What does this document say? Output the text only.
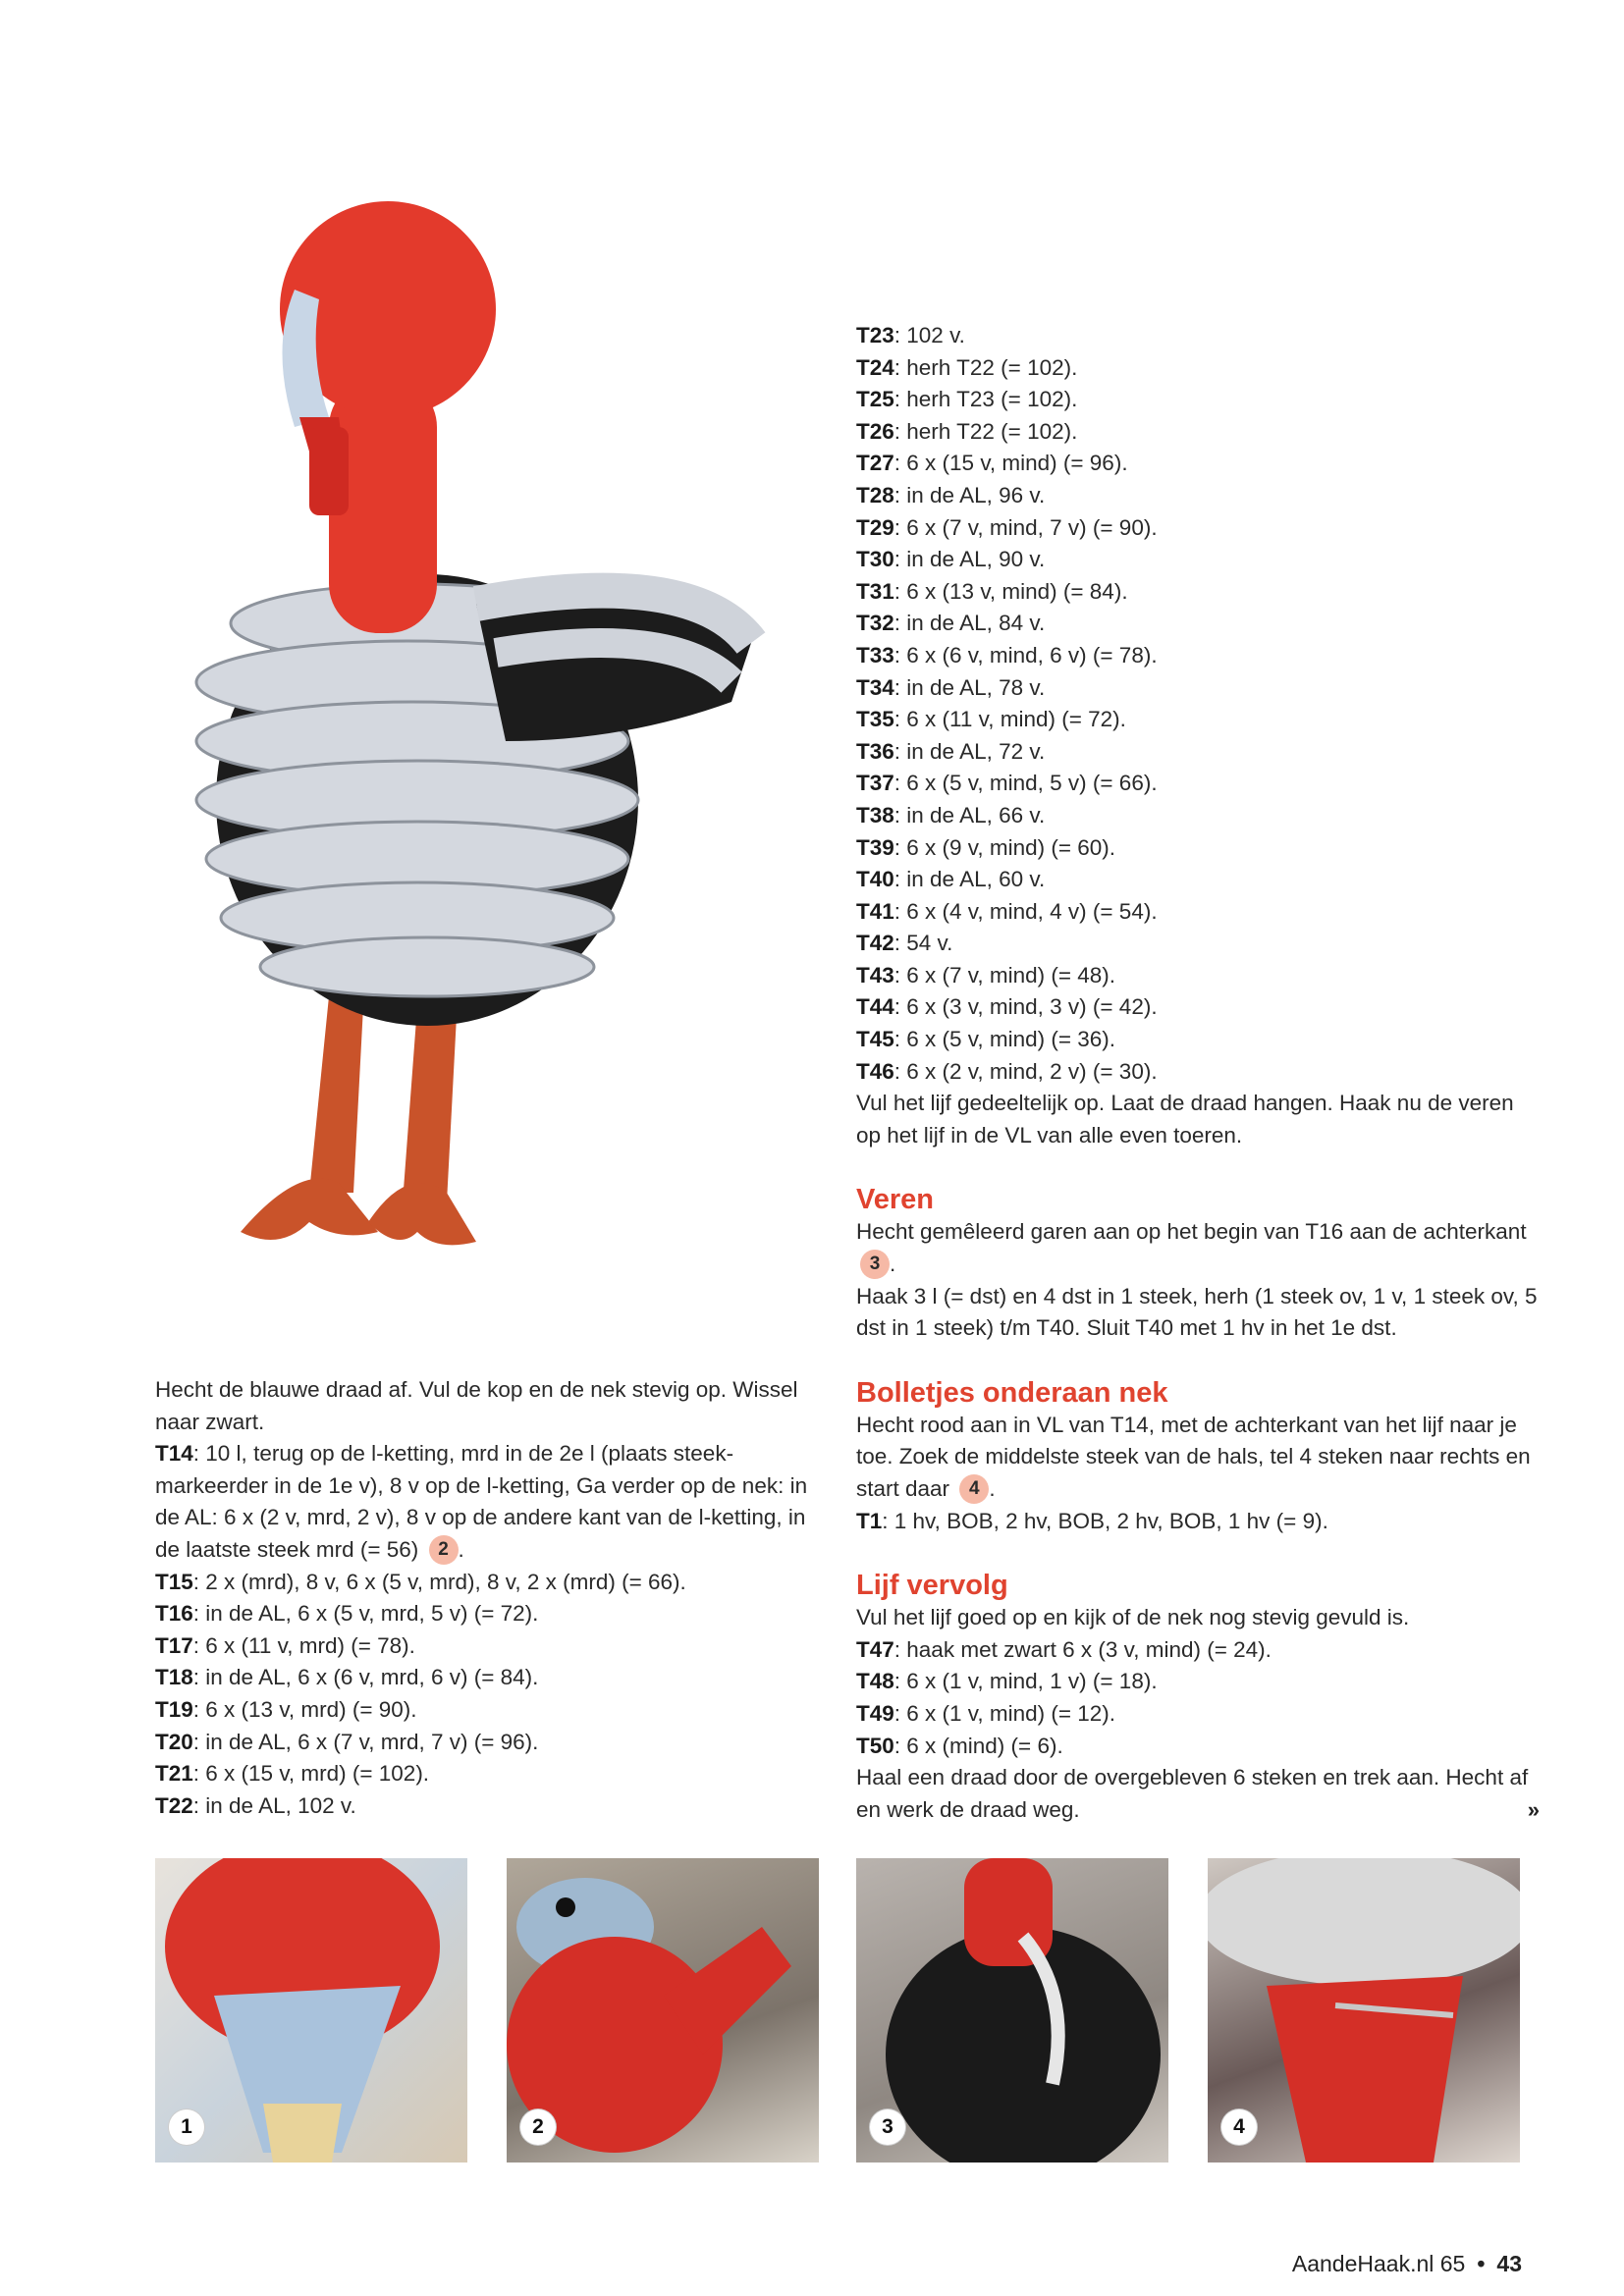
T23: 102 v.

T24: herh T22 (= 102).

T25: herh T23 (= 102).

T26: herh T22 (= 102).

T27: 6 x (15 v, mind) (= 96).

T28: in de AL, 96 v.

T29: 6 x (7 v, mind, 7 v) (= 90).

T30: in de AL, 90 v.

T31: 6 x (13 v, mind) (= 84).

T32: in de AL, 84 v.

T33: 6 x (6 v, mind, 6 v) (= 78).

T34: in de AL, 78 v.

T35: 6 x (11 v, mind) (= 72).

T36: in de AL, 72 v.

T37: 6 x (5 v, mind, 5 v) (= 66).

T38: in de AL, 66 v.

T39: 6 x (9 v, mind) (= 60).

T40: in de AL, 60 v.

T41: 6 x (4 v, mind, 4 v) (= 54).

T42: 54 v.

T43: 6 x (7 v, mind) (= 48).

T44: 6 x (3 v, mind, 3 v) (= 42).

T45: 6 x (5 v, mind) (= 36).

T46: 6 x (2 v, mind, 2 v) (= 30).

Vul het lijf gedeeltelijk op. Laat de draad hangen. Haak nu de veren op het lijf in de VL van alle even toeren.

Veren

Hecht gemêleerd garen aan op het begin van T16 aan de achterkant 3 .

Haak 3 l (= dst) en 4 dst in 1 steek, herh (1 steek ov, 1 v, 1 steek ov, 5 dst in 1 steek) t/m T40. Sluit T40 met 1 hv in het 1e dst.

Bolletjes onderaan nek

Hecht rood aan in VL van T14, met de achterkant van het lijf naar je toe. Zoek de middelste steek van de hals, tel 4 steken naar rechts en start daar 4 .

T1: 1 hv, BOB, 2 hv, BOB, 2 hv, BOB, 1 hv (= 9).

Lijf vervolg

Vul het lijf goed op en kijk of de nek nog stevig gevuld is.

T47: haak met zwart 6 x (3 v, mind) (= 24).

T48: 6 x (1 v, mind, 1 v) (= 18).

T49: 6 x (1 v, mind) (= 12).

T50: 6 x (mind) (= 6).

Haal een draad door de overgebleven 6 steken en trek aan. Hecht af en werk de draad weg.	»

Hecht de blauwe draad af. Vul de kop en de nek stevig op. Wissel naar zwart.

T14: 10 l, terug op de l-ketting, mrd in de 2e l (plaats steek-markeerder in de 1e v), 8 v op de l-ketting, Ga verder op de nek: in de AL: 6 x (2 v, mrd, 2 v), 8 v op de andere kant van de l-ketting, in de laatste steek mrd (= 56) 2 .

T15: 2 x (mrd), 8 v, 6 x (5 v, mrd), 8 v, 2 x (mrd) (= 66).

T16: in de AL, 6 x (5 v, mrd, 5 v) (= 72).

T17: 6 x (11 v, mrd) (= 78).

T18: in de AL, 6 x (6 v, mrd, 6 v) (= 84).

T19: 6 x (13 v, mrd) (= 90).

T20: in de AL, 6 x (7 v, mrd, 7 v) (= 96).

T21: 6 x (15 v, mrd) (= 102).

T22: in de AL, 102 v.

1	2	3	4
AandeHaak.nl 65 • 43
